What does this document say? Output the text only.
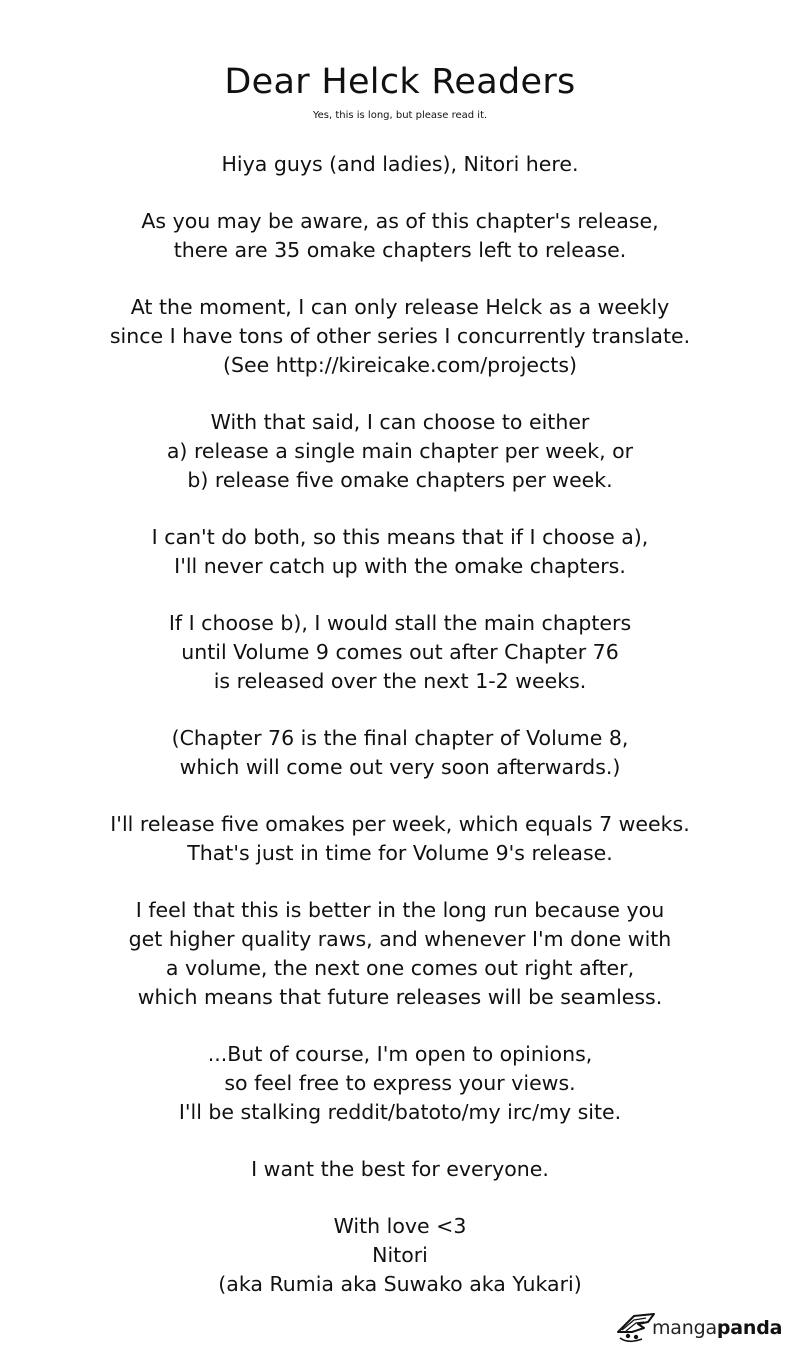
Dear Helck Readers
Yes, this is long, but please read it.

Hiya guys (and ladies), Nitori here.

As you may be aware, as of this chapter's release,
there are 35 omake chapters left to release.

At the moment, I can only release Helck as a weekly
since I have tons of other series I concurrently translate.
(See http://kireicake.com/projects)

With that said, I can choose to either
a) release a single main chapter per week, or
b) release five omake chapters per week.

I can't do both, so this means that if I choose a),
I'll never catch up with the omake chapters.

If I choose b), I would stall the main chapters
until Volume 9 comes out after Chapter 76
is released over the next 1-2 weeks.

(Chapter 76 is the final chapter of Volume 8,
which will come out very soon afterwards.)

I'll release five omakes per week, which equals 7 weeks.
That's just in time for Volume 9's release.

I feel that this is better in the long run because you
get higher quality raws, and whenever I'm done with
a volume, the next one comes out right after,
which means that future releases will be seamless.

...But of course, I'm open to opinions,
so feel free to express your views.
I'll be stalking reddit/batoto/my irc/my site.

I want the best for everyone.

With love <3
Nitori
(aka Rumia aka Suwako aka Yukari)

mangapanda
